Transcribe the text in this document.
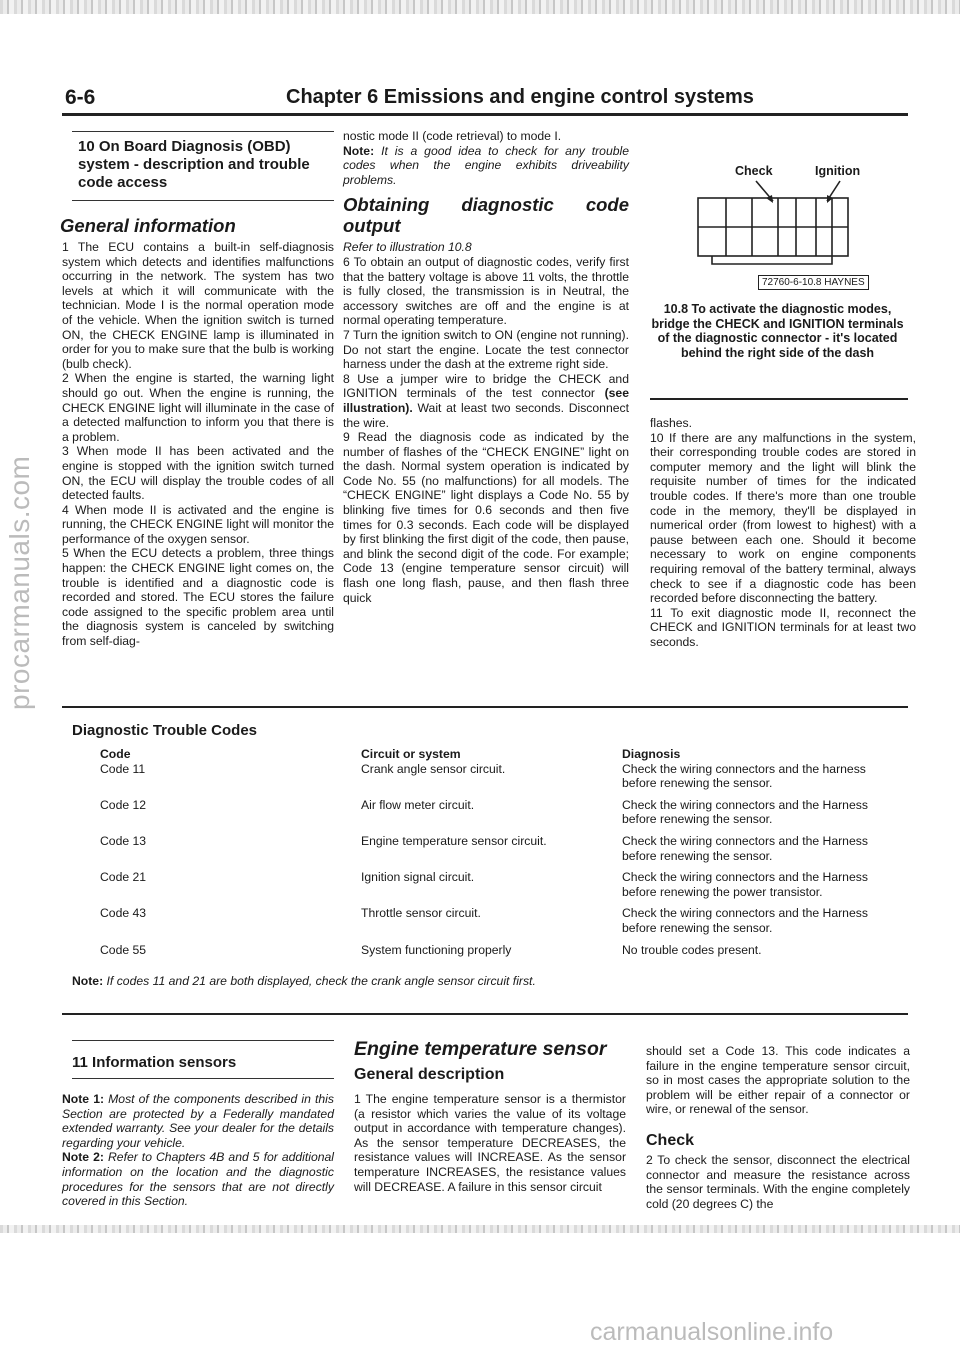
6-6	Chapter 6 Emissions and engine control systems
10 On Board Diagnosis (OBD) system - description and trouble code access
General information

1 The ECU contains a built-in self-diagnosis system which detects and identifies malfunctions occurring in the network. The system has two levels at which it will communicate with the technician. Mode I is the normal operation mode of the vehicle. When the ignition switch is turned ON, the CHECK ENGINE lamp is illuminated in order for you to make sure that the bulb is working (bulb check).

2 When the engine is started, the warning light should go out. When the engine is running, the CHECK ENGINE light will illuminate in the case of a detected malfunction to inform you that there is a problem.

3 When mode II has been activated and the engine is stopped with the ignition switch turned ON, the ECU will display the trouble codes of all detected faults.

4 When mode II is activated and the engine is running, the CHECK ENGINE light will monitor the performance of the oxygen sensor.

5 When the ECU detects a problem, three things happen: the CHECK ENGINE light comes on, the trouble is identified and a diagnostic code is recorded and stored. The ECU stores the failure code assigned to the specific problem area until the diagnosis system is canceled by switching from self-diag-

nostic mode II (code retrieval) to mode I.

Note: It is a good idea to check for any trouble codes when the engine exhibits driveability problems.

Obtaining diagnostic code output

Refer to illustration 10.8

6 To obtain an output of diagnostic codes, verify first that the battery voltage is above 11 volts, the throttle is fully closed, the transmission is in Neutral, the accessory switches are off and the engine is at normal operating temperature.

7 Turn the ignition switch to ON (engine not running). Do not start the engine. Locate the test connector harness under the dash at the extreme right side.

8 Use a jumper wire to bridge the CHECK and IGNITION terminals of the test connector (see illustration). Wait at least two seconds. Disconnect the wire.

9 Read the diagnosis code as indicated by the number of flashes of the “CHECK ENGINE” light on the dash. Normal system operation is indicated by Code No. 55 (no malfunctions) for all models. The “CHECK ENGINE” light displays a Code No. 55 by blinking five times for 0.6 seconds and then five times for 0.3 seconds. Each code will be displayed by first blinking the first digit of the code, then pause, and blink the second digit of the code. For example; Code 13 (engine temperature sensor circuit) will flash one long flash, pause, and then flash three quick

Check	Ignition
72760-6-10.8 HAYNES
10.8 To activate the diagnostic modes, bridge the CHECK and IGNITION terminals of the diagnostic connector - it's located behind the right side of the dash

flashes.

10 If there are any malfunctions in the system, their corresponding trouble codes are stored in computer memory and the light will blink the requisite number of times for the indicated trouble codes. If there's more than one trouble code in the memory, they'll be displayed in numerical order (from lowest to highest) with a pause between each one. Should it become necessary to work on engine components requiring removal of the battery terminal, always check to see if a diagnostic code has been recorded before disconnecting the battery.

11 To exit diagnostic mode II, reconnect the CHECK and IGNITION terminals for at least two seconds.

Diagnostic Trouble Codes
Code	Circuit or system	Diagnosis
Code 11	Crank angle sensor circuit.	Check the wiring connectors and the harness before renewing the sensor.

Code 12	Air flow meter circuit.	Check the wiring connectors and the Harness before renewing the sensor.

Code 13	Engine temperature sensor circuit.	Check the wiring connectors and the Harness before renewing the sensor.

Code 21	Ignition signal circuit.	Check the wiring connectors and the Harness before renewing the power transistor.

Code 43	Throttle sensor circuit.	Check the wiring connectors and the Harness before renewing the sensor.

Code 55	System functioning properly	No trouble codes present.
Note: If codes 11 and 21 are both displayed, check the crank angle sensor circuit first.
11 Information sensors

Note 1: Most of the components described in this Section are protected by a Federally mandated extended warranty. See your dealer for the details regarding your vehicle.

Note 2: Refer to Chapters 4B and 5 for additional information on the location and the diagnostic procedures for the sensors that are not directly covered in this Section.

Engine temperature sensor
General description
1 The engine temperature sensor is a thermistor (a resistor which varies the value of its voltage output in accordance with temperature changes). As the sensor temperature DECREASES, the resistance values will INCREASE. As the sensor temperature INCREASES, the resistance values will DECREASE. A failure in this sensor circuit
should set a Code 13. This code indicates a failure in the engine temperature sensor circuit, so in most cases the appropriate solution to the problem will be either repair of a connector or wire, or renewal of the sensor.
Check
2 To check the sensor, disconnect the electrical connector and measure the resistance across the sensor terminals. With the engine completely cold (20 degrees C) the
procarmanuals.com
carmanualsonline.info
